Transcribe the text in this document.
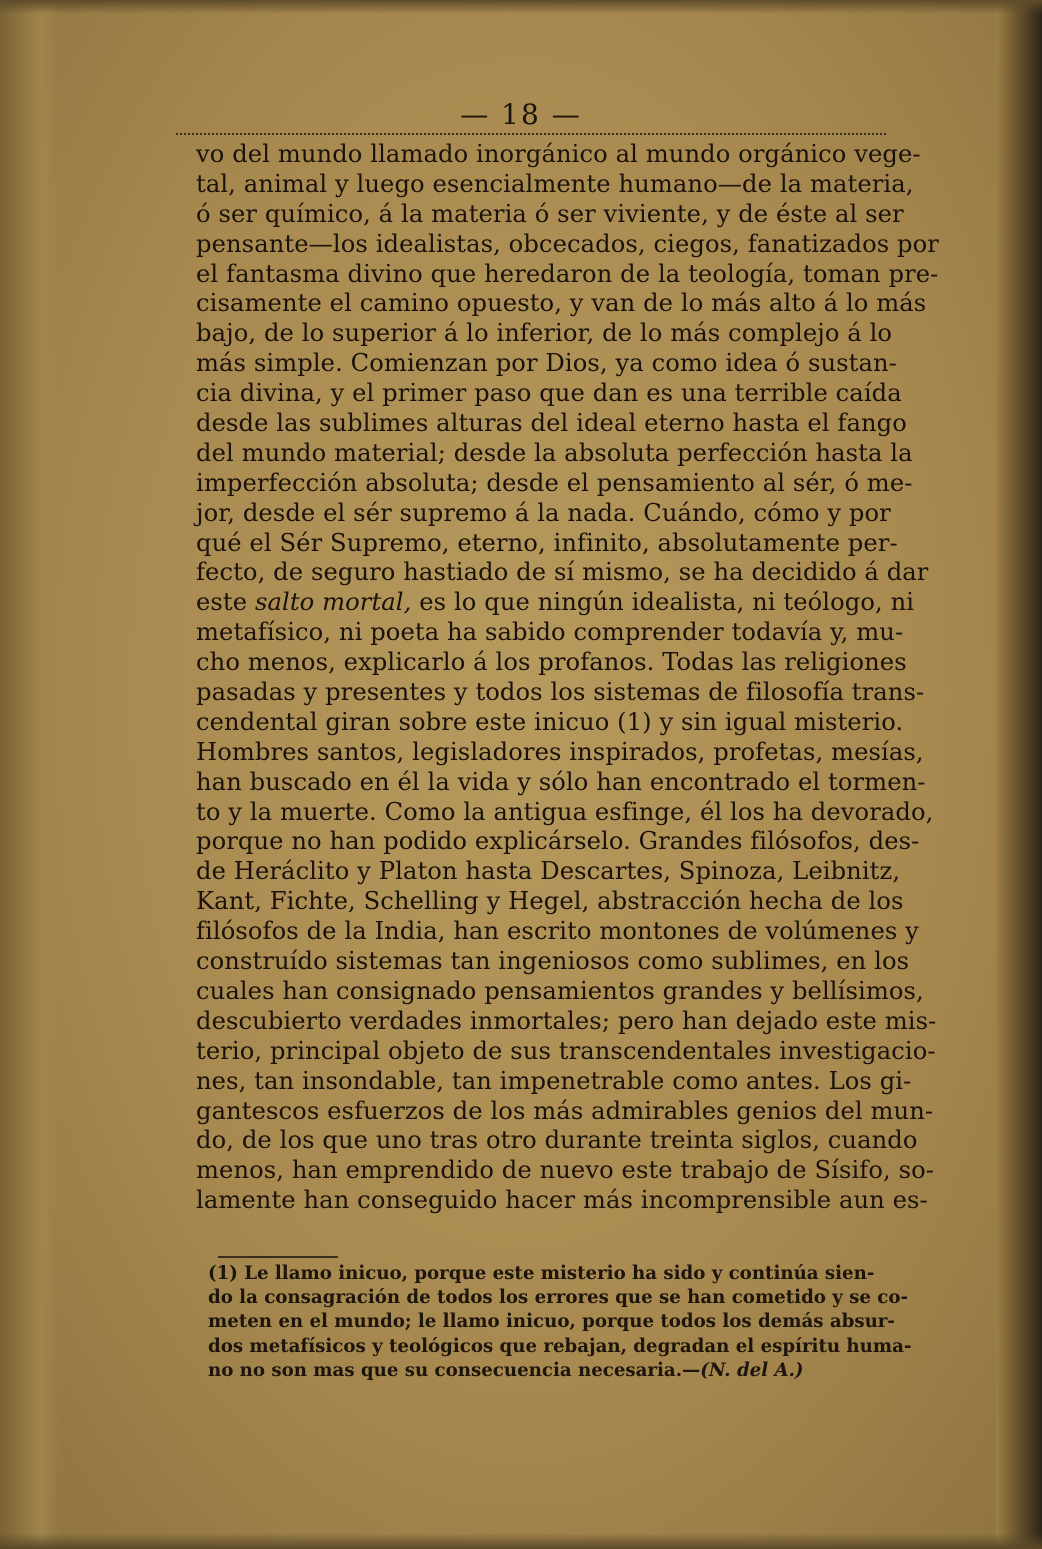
— 18 —
vo del mundo llamado inorgánico al mundo orgánico vege-
tal, animal y luego esencialmente humano—de la materia,
ó ser químico, á la materia ó ser viviente, y de éste al ser
pensante—los idealistas, obcecados, ciegos, fanatizados por
el fantasma divino que heredaron de la teología, toman pre-
cisamente el camino opuesto, y van de lo más alto á lo más
bajo, de lo superior á lo inferior, de lo más complejo á lo
más simple. Comienzan por Dios, ya como idea ó sustan-
cia divina, y el primer paso que dan es una terrible caída
desde las sublimes alturas del ideal eterno hasta el fango
del mundo material; desde la absoluta perfección hasta la
imperfección absoluta; desde el pensamiento al sér, ó me-
jor, desde el sér supremo á la nada. Cuándo, cómo y por
qué el Sér Supremo, eterno, infinito, absolutamente per-
fecto, de seguro hastiado de sí mismo, se ha decidido á dar
este salto mortal, es lo que ningún idealista, ni teólogo, ni
metafísico, ni poeta ha sabido comprender todavía y, mu-
cho menos, explicarlo á los profanos. Todas las religiones
pasadas y presentes y todos los sistemas de filosofía trans-
cendental giran sobre este inicuo (1) y sin igual misterio.
Hombres santos, legisladores inspirados, profetas, mesías,
han buscado en él la vida y sólo han encontrado el tormen-
to y la muerte. Como la antigua esfinge, él los ha devorado,
porque no han podido explicárselo. Grandes filósofos, des-
de Heráclito y Platon hasta Descartes, Spinoza, Leibnitz,
Kant, Fichte, Schelling y Hegel, abstracción hecha de los
filósofos de la India, han escrito montones de volúmenes y
construído sistemas tan ingeniosos como sublimes, en los
cuales han consignado pensamientos grandes y bellísimos,
descubierto verdades inmortales; pero han dejado este mis-
terio, principal objeto de sus transcendentales investigacio-
nes, tan insondable, tan impenetrable como antes. Los gi-
gantescos esfuerzos de los más admirables genios del mun-
do, de los que uno tras otro durante treinta siglos, cuando
menos, han emprendido de nuevo este trabajo de Sísifo, so-
lamente han conseguido hacer más incomprensible aun es-
(1) Le llamo inicuo, porque este misterio ha sido y continúa sien-
do la consagración de todos los errores que se han cometido y se co-
meten en el mundo; le llamo inicuo, porque todos los demás absur-
dos metafísicos y teológicos que rebajan, degradan el espíritu huma-
no no son mas que su consecuencia necesaria.—(N. del A.)
